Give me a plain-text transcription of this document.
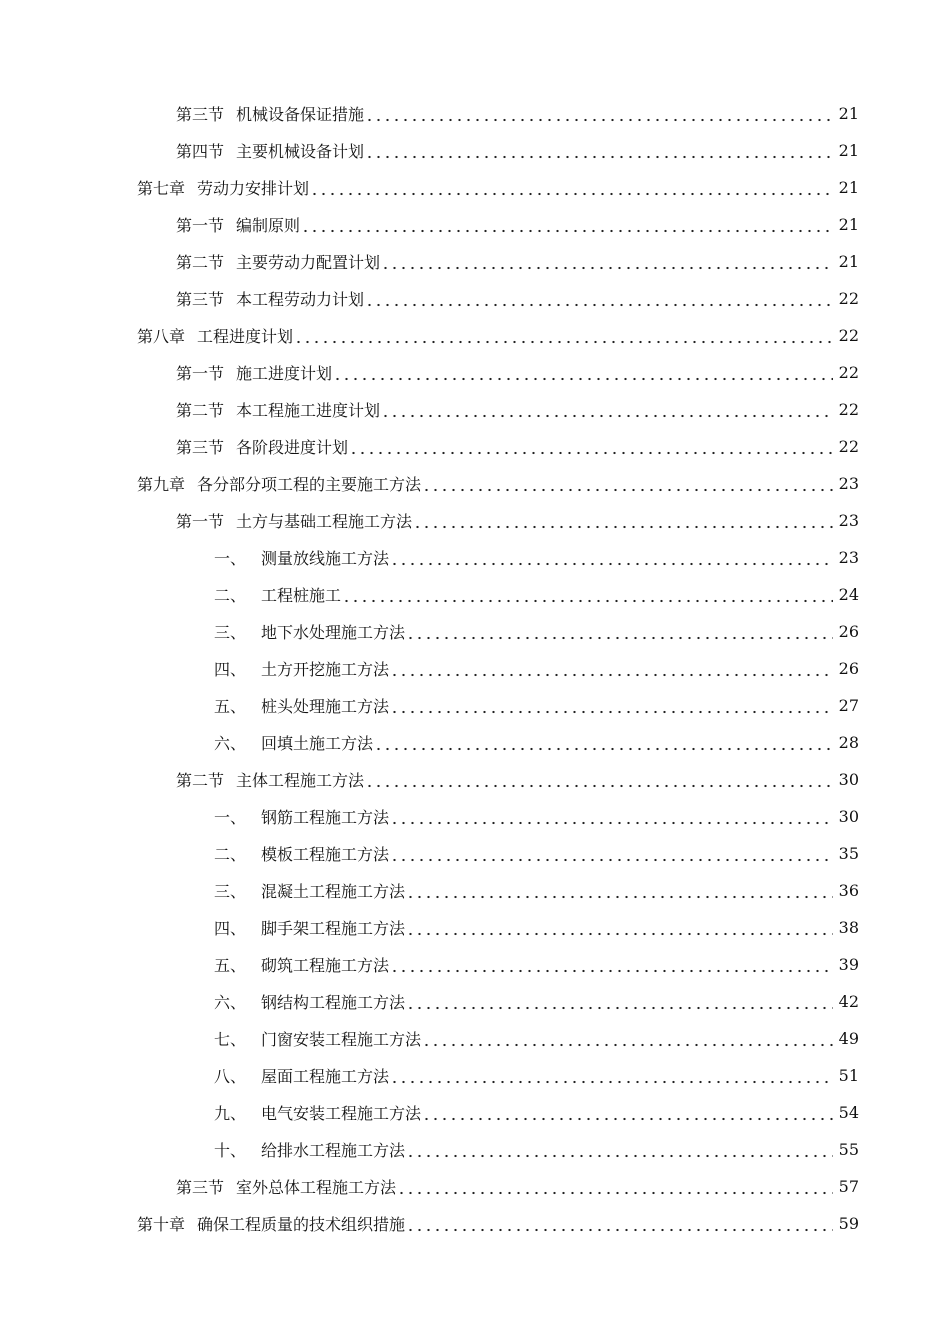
第三节 机械设备保证措施	21
第四节 主要机械设备计划	21
第七章 劳动力安排计划	21
第一节 编制原则	21
第二节 主要劳动力配置计划	21
第三节 本工程劳动力计划	22
第八章 工程进度计划	22
第一节 施工进度计划	22
第二节 本工程施工进度计划	22
第三节 各阶段进度计划	22
第九章 各分部分项工程的主要施工方法	23
第一节 土方与基础工程施工方法	23
一、 测量放线施工方法	23
二、 工程桩施工	24
三、 地下水处理施工方法	26
四、 土方开挖施工方法	26
五、 桩头处理施工方法	27
六、 回填土施工方法	28
第二节 主体工程施工方法	30
一、 钢筋工程施工方法	30
二、 模板工程施工方法	35
三、 混凝土工程施工方法	36
四、 脚手架工程施工方法	38
五、 砌筑工程施工方法	39
六、 钢结构工程施工方法	42
七、 门窗安装工程施工方法	49
八、 屋面工程施工方法	51
九、 电气安装工程施工方法	54
十、 给排水工程施工方法	55
第三节 室外总体工程施工方法	57
第十章 确保工程质量的技术组织措施	59
